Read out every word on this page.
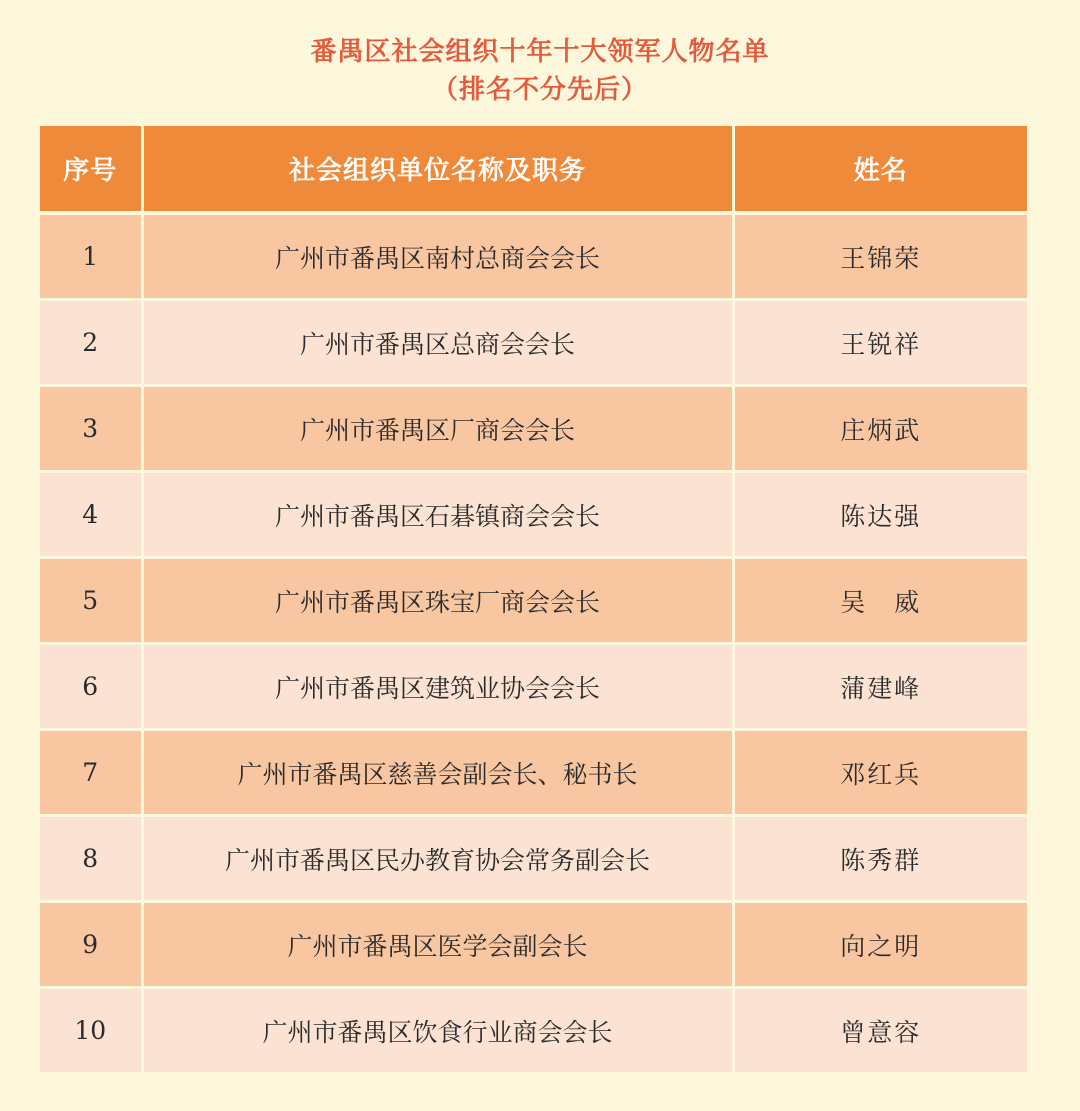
番禺区社会组织十年十大领军人物名单
（排名不分先后）
序号	社会组织单位名称及职务	姓名
1	广州市番禺区南村总商会会长	王锦荣
2	广州市番禺区总商会会长	王锐祥
3	广州市番禺区厂商会会长	庄炳武
4	广州市番禺区石碁镇商会会长	陈达强
5	广州市番禺区珠宝厂商会会长	吴　威
6	广州市番禺区建筑业协会会长	蒲建峰
7	广州市番禺区慈善会副会长、秘书长	邓红兵
8	广州市番禺区民办教育协会常务副会长	陈秀群
9	广州市番禺区医学会副会长	向之明
10	广州市番禺区饮食行业商会会长	曾意容
